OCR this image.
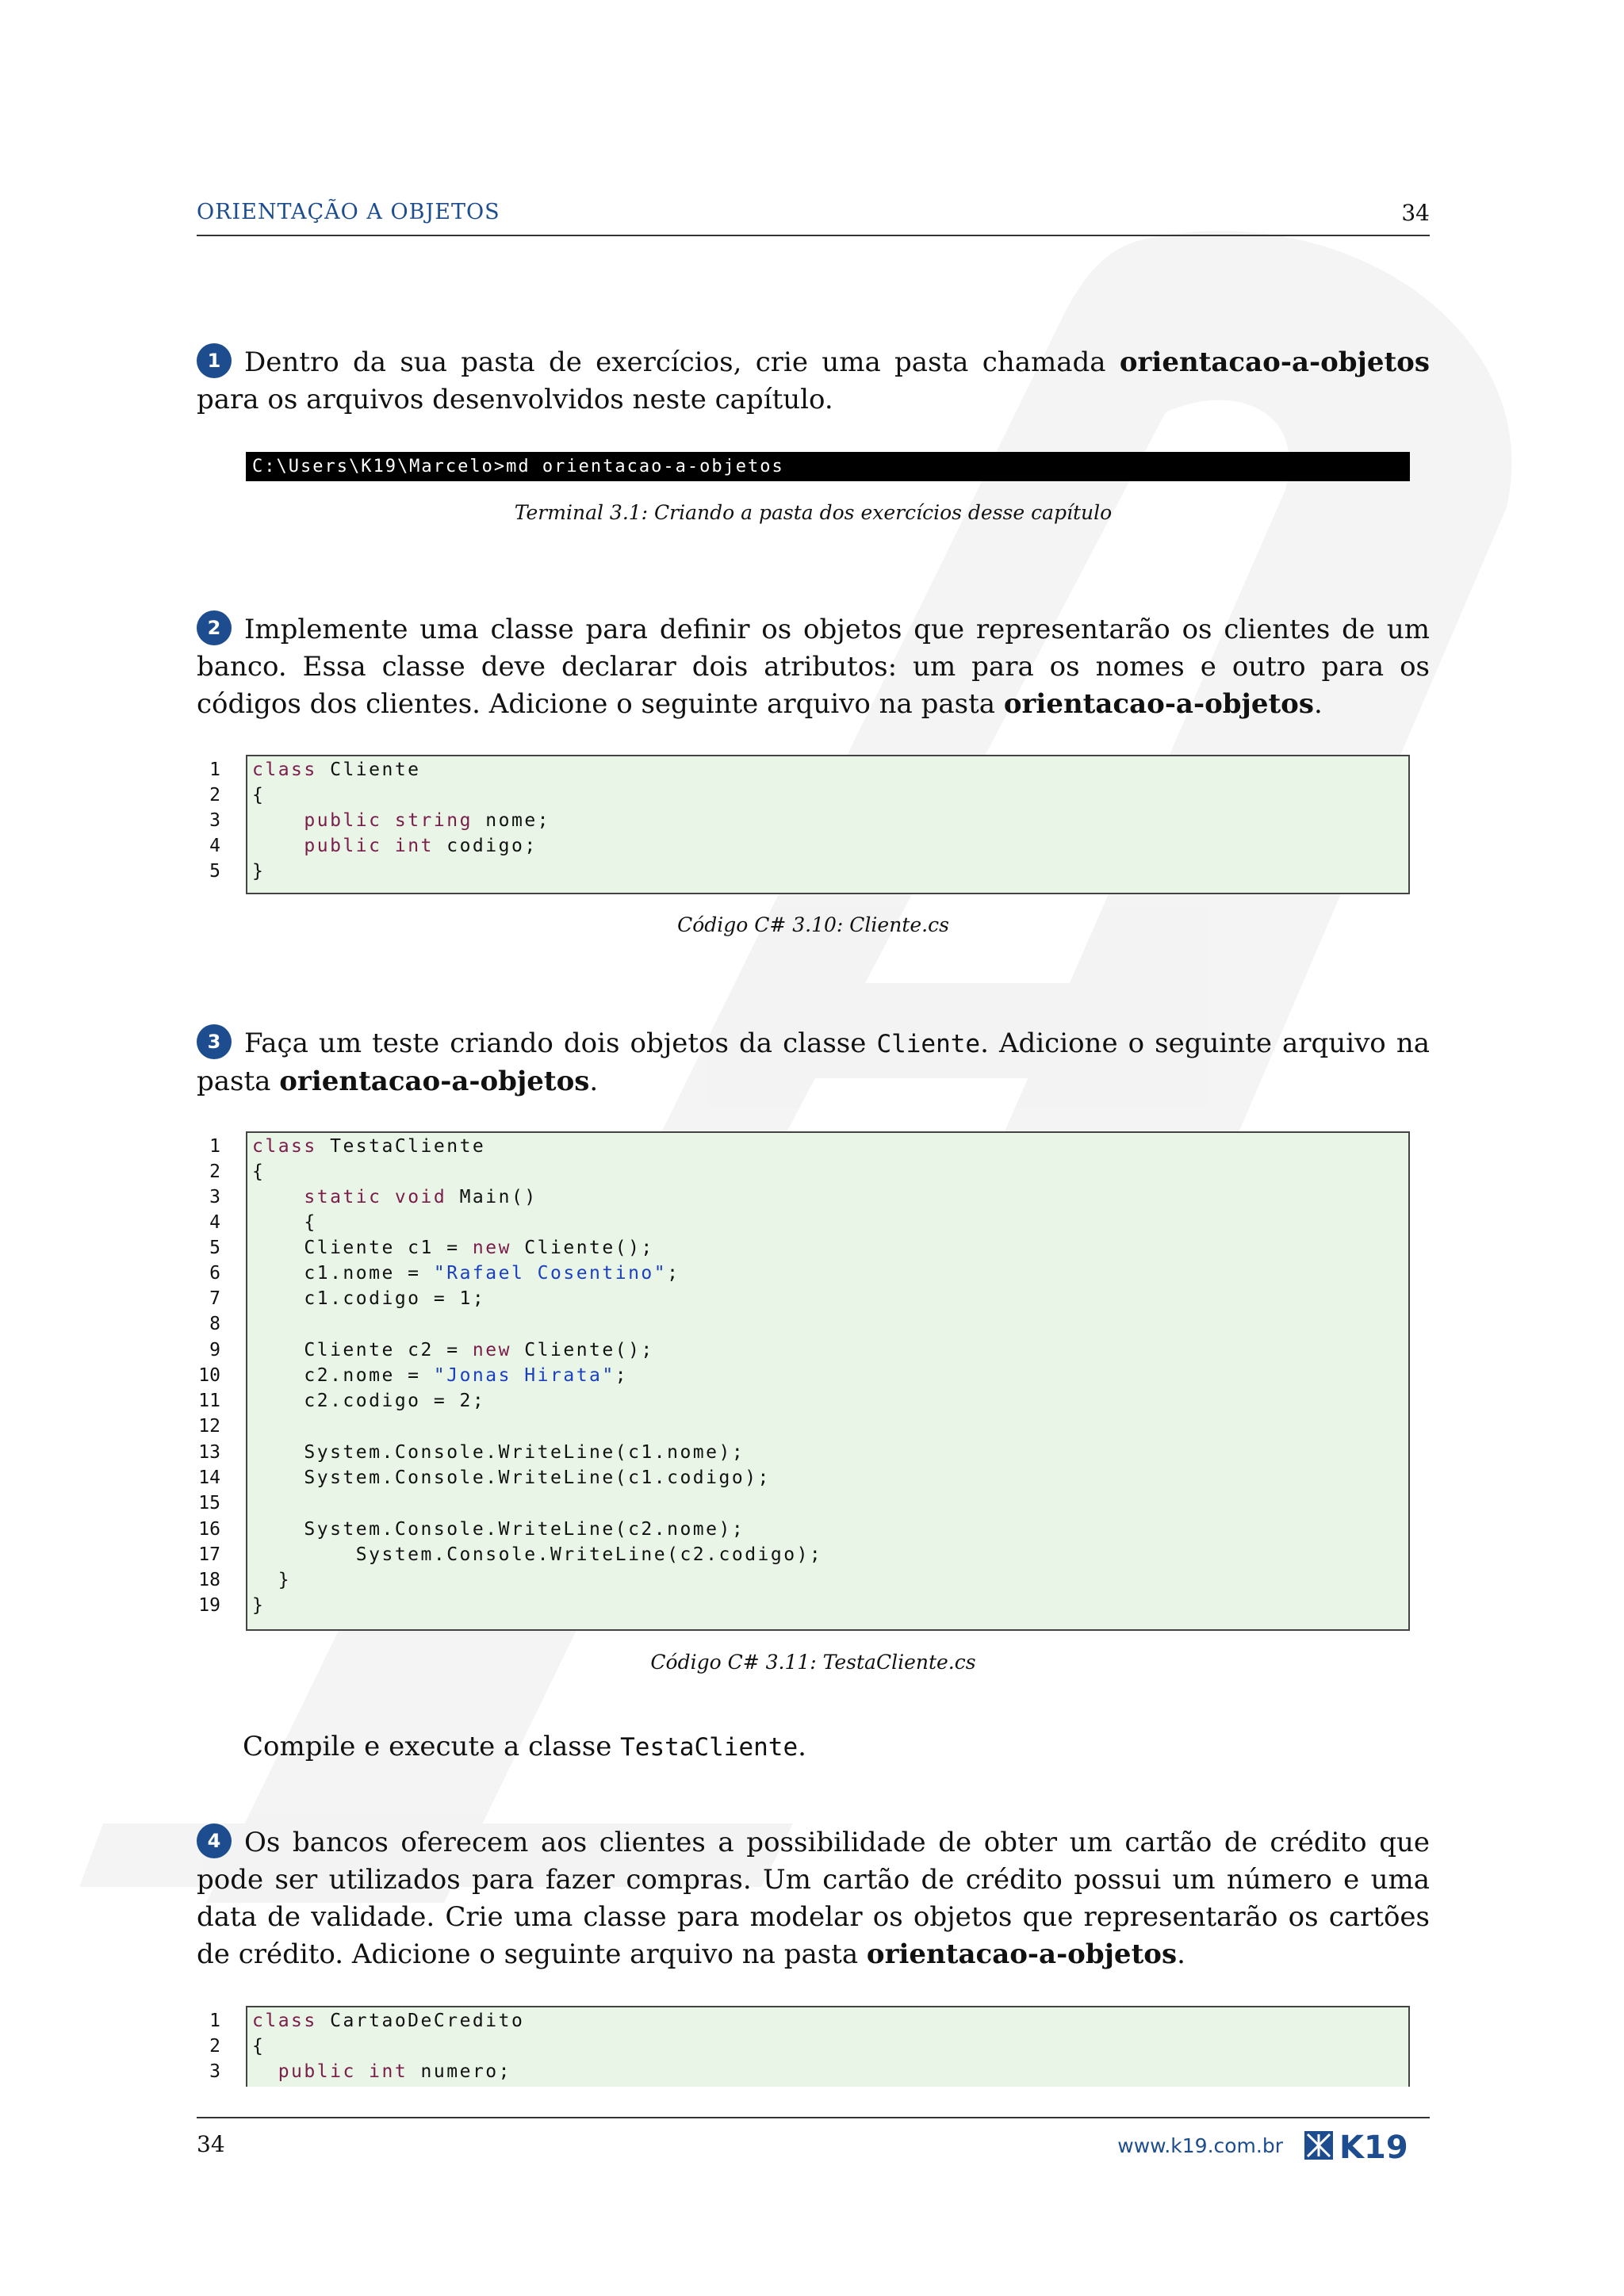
ORIENTAÇÃO A OBJETOS	34
1 Dentro da sua pasta de exercícios, crie uma pasta chamada orientacao-a-objetos para os arquivos desenvolvidos neste capítulo.
C:\Users\K19\Marcelo>md orientacao-a-objetos
Terminal 3.1: Criando a pasta dos exercícios desse capítulo
2 Implemente uma classe para definir os objetos que representarão os clientes de um banco. Essa classe deve declarar dois atributos: um para os nomes e outro para os códigos dos clientes. Adicione o seguinte arquivo na pasta orientacao-a-objetos.
1
2
3
4
5
class Cliente
{
public string nome;
public int codigo;
}
Código C# 3.10: Cliente.cs
3 Faça um teste criando dois objetos da classe Cliente. Adicione o seguinte arquivo na pasta orientacao-a-objetos.
1
2
3
4
5
6
7
8
9
10
11
12
13
14
15
16
17
18
19
class TestaCliente
{
static void Main()
{
Cliente c1 = new Cliente();
c1.nome = "Rafael Cosentino";
c1.codigo = 1;
Cliente c2 = new Cliente();
c2.nome = "Jonas Hirata";
c2.codigo = 2;
System.Console.WriteLine(c1.nome);
System.Console.WriteLine(c1.codigo);
System.Console.WriteLine(c2.nome);
System.Console.WriteLine(c2.codigo);
}
}
Código C# 3.11: TestaCliente.cs
Compile e execute a classe TestaCliente.
4 Os bancos oferecem aos clientes a possibilidade de obter um cartão de crédito que pode ser utilizados para fazer compras. Um cartão de crédito possui um número e uma data de validade. Crie uma classe para modelar os objetos que representarão os cartões de crédito. Adicione o seguinte arquivo na pasta orientacao-a-objetos.
1
2
3
class CartaoDeCredito
{
public int numero;
34	www.k19.com.br K19
